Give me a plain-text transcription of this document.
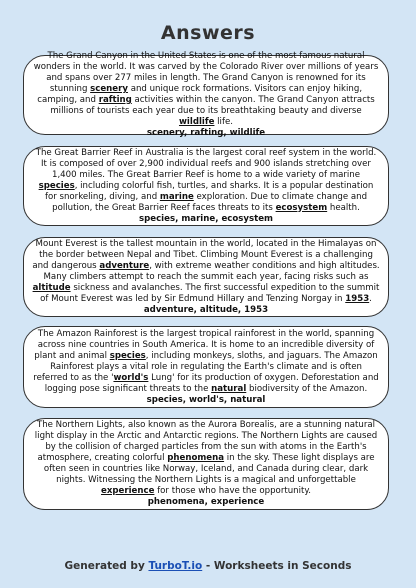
Answers
The Grand Canyon in the United States is one of the most famous natural wonders in the world. It was carved by the Colorado River over millions of years and spans over 277 miles in length. The Grand Canyon is renowned for its stunning scenery and unique rock formations. Visitors can enjoy hiking, camping, and rafting activities within the canyon. The Grand Canyon attracts millions of tourists each year due to its breathtaking beauty and diverse wildlife life.
scenery, rafting, wildlife
The Great Barrier Reef in Australia is the largest coral reef system in the world. It is composed of over 2,900 individual reefs and 900 islands stretching over 1,400 miles. The Great Barrier Reef is home to a wide variety of marine species, including colorful fish, turtles, and sharks. It is a popular destination for snorkeling, diving, and marine exploration. Due to climate change and pollution, the Great Barrier Reef faces threats to its ecosystem health.
species, marine, ecosystem
Mount Everest is the tallest mountain in the world, located in the Himalayas on the border between Nepal and Tibet. Climbing Mount Everest is a challenging and dangerous adventure, with extreme weather conditions and high altitudes. Many climbers attempt to reach the summit each year, facing risks such as altitude sickness and avalanches. The first successful expedition to the summit of Mount Everest was led by Sir Edmund Hillary and Tenzing Norgay in 1953.
adventure, altitude, 1953
The Amazon Rainforest is the largest tropical rainforest in the world, spanning across nine countries in South America. It is home to an incredible diversity of plant and animal species, including monkeys, sloths, and jaguars. The Amazon Rainforest plays a vital role in regulating the Earth's climate and is often referred to as the 'world's Lung' for its production of oxygen. Deforestation and logging pose significant threats to the natural biodiversity of the Amazon.
species, world's, natural
The Northern Lights, also known as the Aurora Borealis, are a stunning natural light display in the Arctic and Antarctic regions. The Northern Lights are caused by the collision of charged particles from the sun with atoms in the Earth's atmosphere, creating colorful phenomena in the sky. These light displays are often seen in countries like Norway, Iceland, and Canada during clear, dark nights. Witnessing the Northern Lights is a magical and unforgettable experience for those who have the opportunity.
phenomena, experience
Generated by TurboT.io - Worksheets in Seconds
